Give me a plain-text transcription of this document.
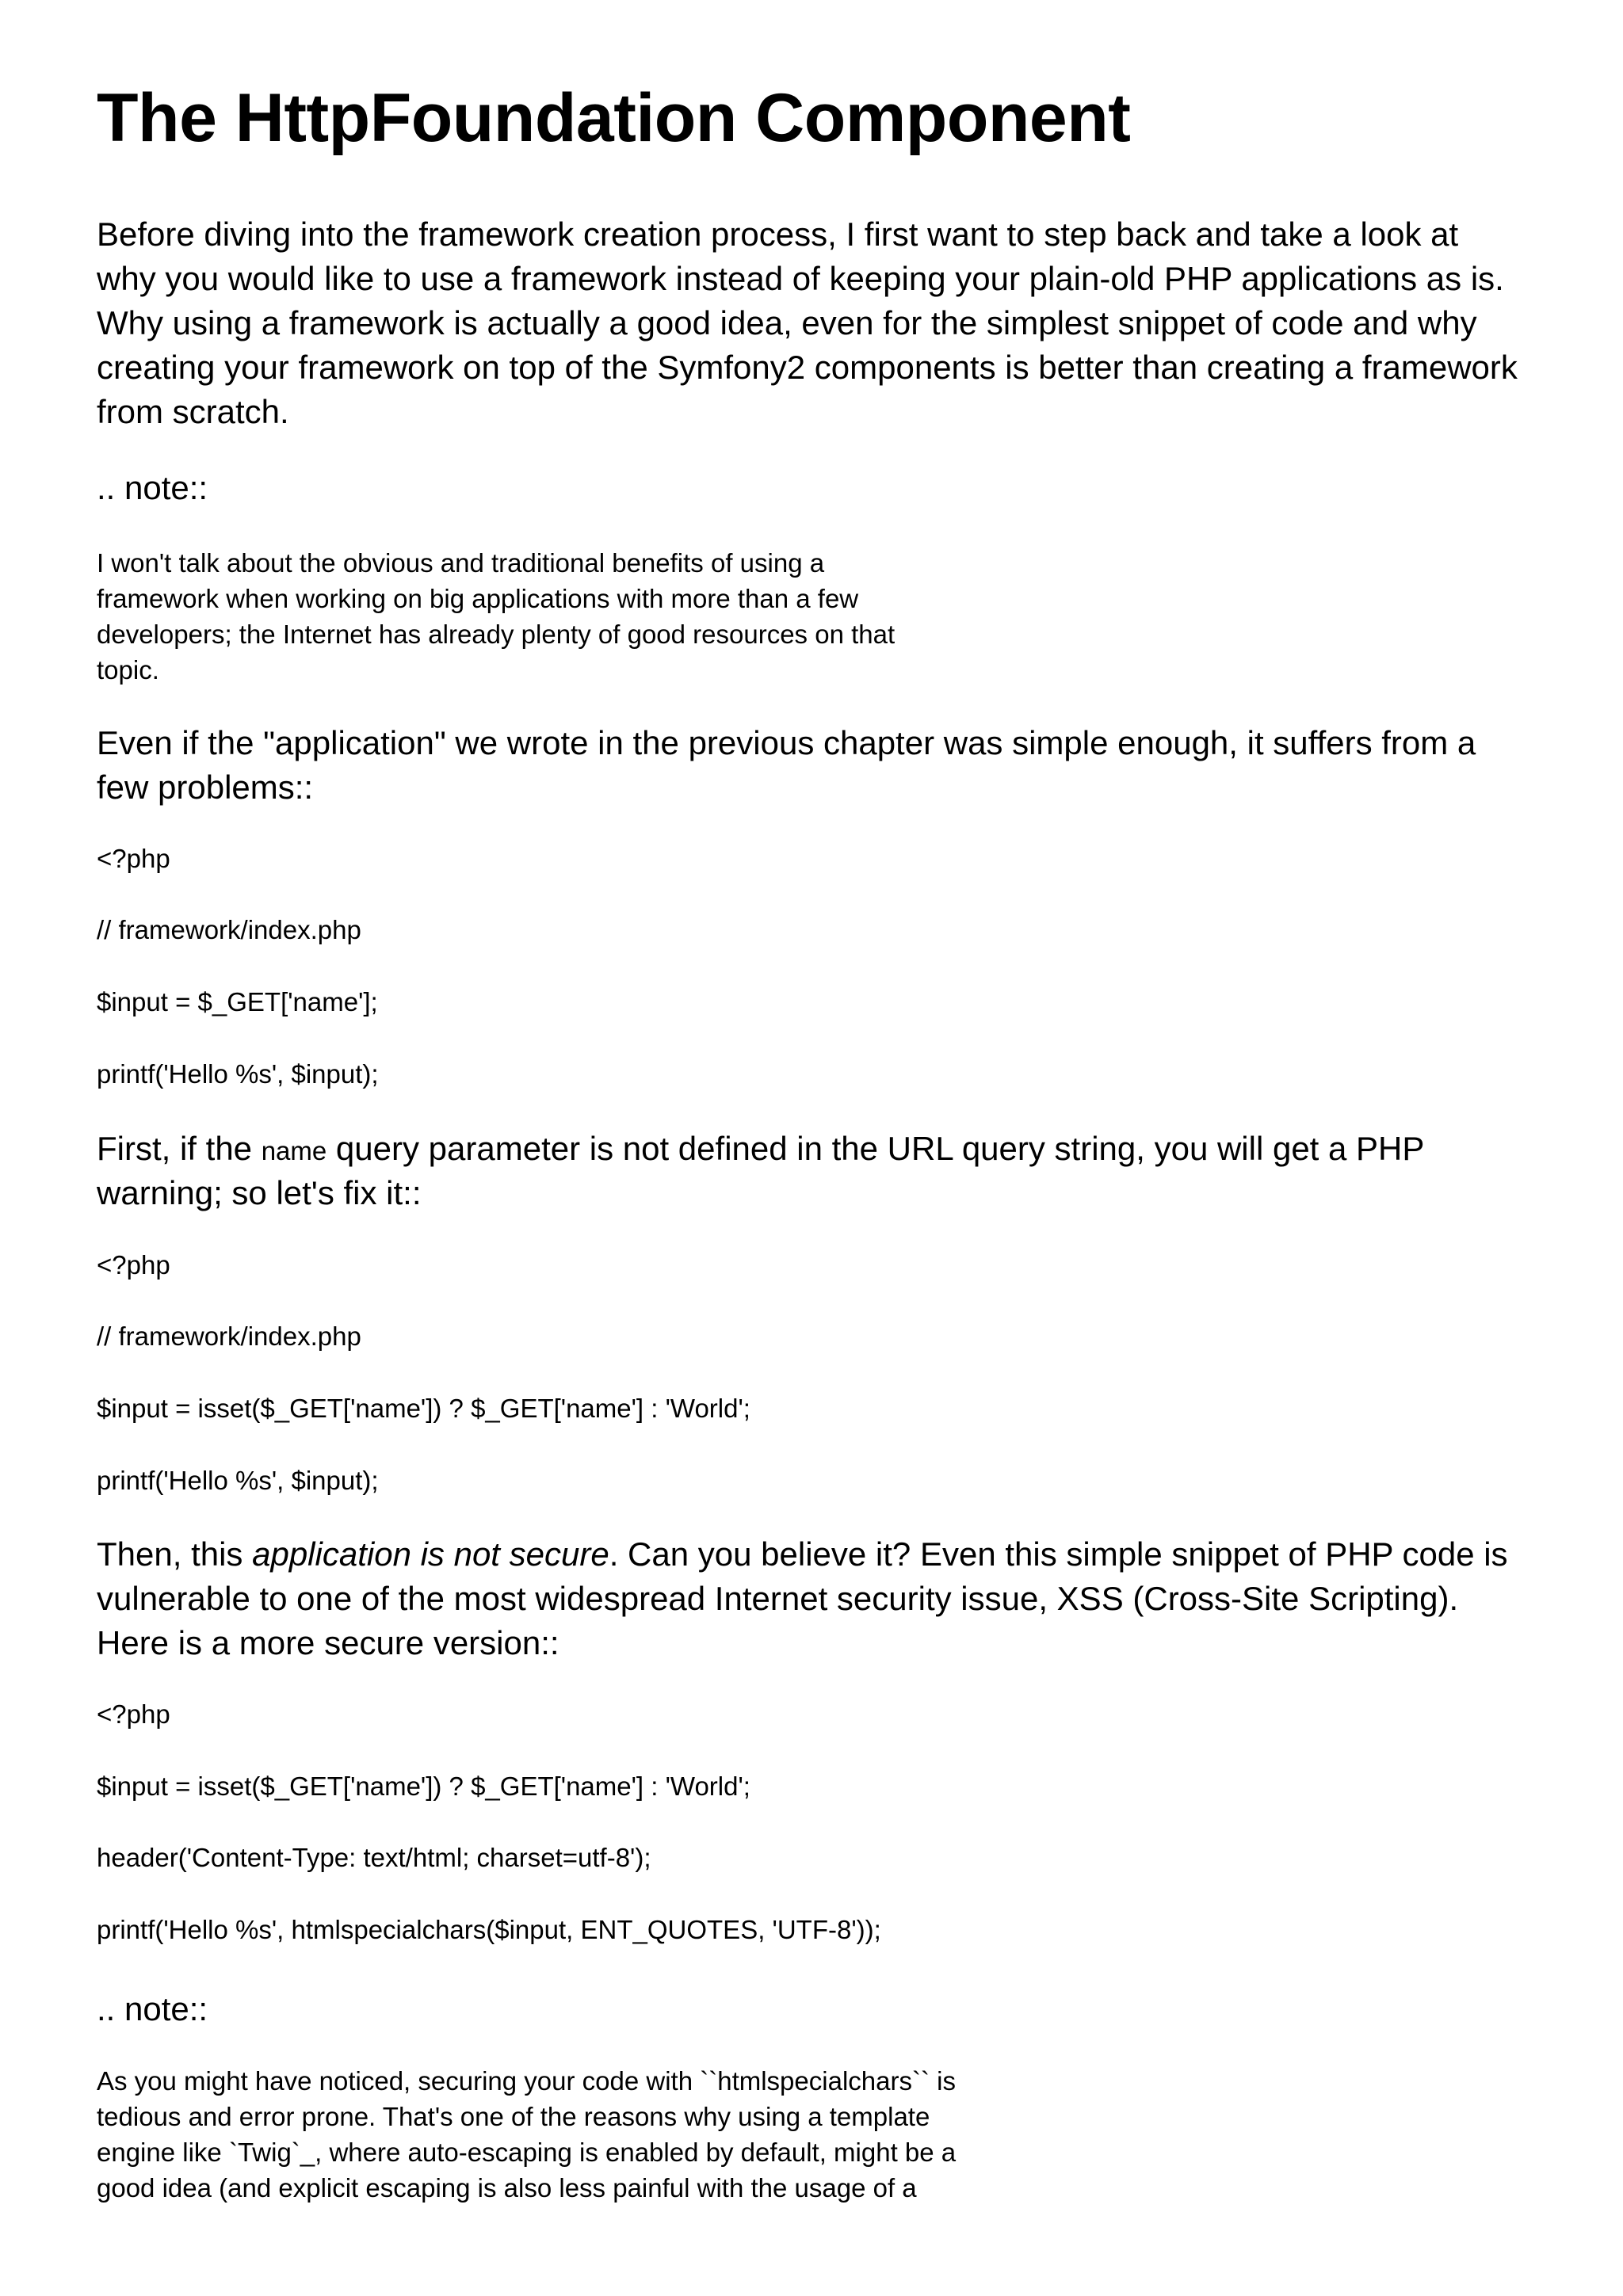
The HttpFoundation Component

Before diving into the framework creation process, I first want to step back and take a look at

why you would like to use a framework instead of keeping your plain-old PHP applications as is.

Why using a framework is actually a good idea, even for the simplest snippet of code and why

creating your framework on top of the Symfony2 components is better than creating a framework

from scratch.

.. note::

I won't talk about the obvious and traditional benefits of using a

framework when working on big applications with more than a few

developers; the Internet has already plenty of good resources on that

topic.

Even if the "application" we wrote in the previous chapter was simple enough, it suffers from a

few problems::

<?php

// framework/index.php

$input = $_GET['name'];

printf('Hello %s', $input);

First, if the name query parameter is not defined in the URL query string, you will get a PHP

warning; so let's fix it::

<?php

// framework/index.php

$input = isset($_GET['name']) ? $_GET['name'] : 'World';

printf('Hello %s', $input);

Then, this application is not secure. Can you believe it? Even this simple snippet of PHP code is

vulnerable to one of the most widespread Internet security issue, XSS (Cross-Site Scripting).

Here is a more secure version::

<?php

$input = isset($_GET['name']) ? $_GET['name'] : 'World';

header('Content-Type: text/html; charset=utf-8');

printf('Hello %s', htmlspecialchars($input, ENT_QUOTES, 'UTF-8'));

.. note::

As you might have noticed, securing your code with ``htmlspecialchars`` is

tedious and error prone. That's one of the reasons why using a template

engine like `Twig`_, where auto-escaping is enabled by default, might be a

good idea (and explicit escaping is also less painful with the usage of a
